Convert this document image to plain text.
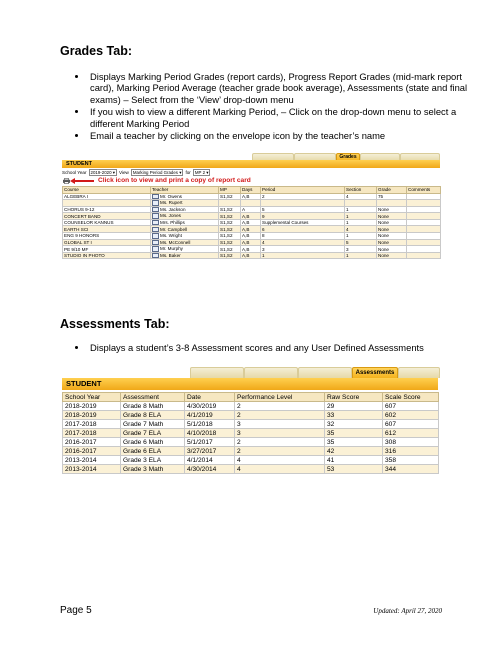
Grades Tab:
• Displays Marking Period Grades (report cards), Progress Report Grades (mid-mark report card), Marking Period Average (teacher grade book average), Assessments (state and final exams) – Select from the ‘View’ drop-down menu
• If you wish to view a different Marking Period, – Click on the drop-down menu to select a different Marking Period
• Email a teacher by clicking on the envelope icon by the teacher’s name
Grades
STUDENT
School Year 2019-2020 ▾ View Marking Period Grades ▾ for MP 2 ▾
Click icon to view and print a copy of report card
Course	Teacher	MP	Days	Period	Section	Grade	Comments
ALGEBRA I	Mr. Owens	S1,S2	A,B	2	4	75	
	Ms. Rupert						
CHORUS 9-12	Ms. Jackson	S1,S2	A	5	1	None	
CONCERT BAND	Ms. Jones	S1,S2	A,B	9	1	None	
COUNSELOR KANNUS	Mrs. Phillips	S1,S2	A,B	Supplemental Courses	1	None	
EARTH SCI	Mr. Campbell	S1,S2	A,B	6	4	None	
ENG 9 HONORS	Ms. Wright	S1,S2	A,B	8	1	None	
GLOBAL ST I	Ms. McConnell	S1,S2	A,B	4	5	None	
PE 9/10 MF	Mr. Murphy	S1,S2	A,B	3	3	None	
STUDIO IN PHOTO	Ms. Baker	S1,S2	A,B	1	1	None	
Assessments Tab:
• Displays a student’s 3-8 Assessment scores and any User Defined Assessments
Assessments
STUDENT
School Year	Assessment	Date	Performance Level	Raw Score	Scale Score
2018-2019	Grade 8 Math	4/30/2019	2	29	607
2018-2019	Grade 8 ELA	4/1/2019	2	33	602
2017-2018	Grade 7 Math	5/1/2018	3	32	607
2017-2018	Grade 7 ELA	4/10/2018	3	35	612
2016-2017	Grade 6 Math	5/1/2017	2	35	308
2016-2017	Grade 6 ELA	3/27/2017	2	42	316
2013-2014	Grade 3 ELA	4/1/2014	4	41	358
2013-2014	Grade 3 Math	4/30/2014	4	53	344
Page 5	Updated: April 27, 2020
